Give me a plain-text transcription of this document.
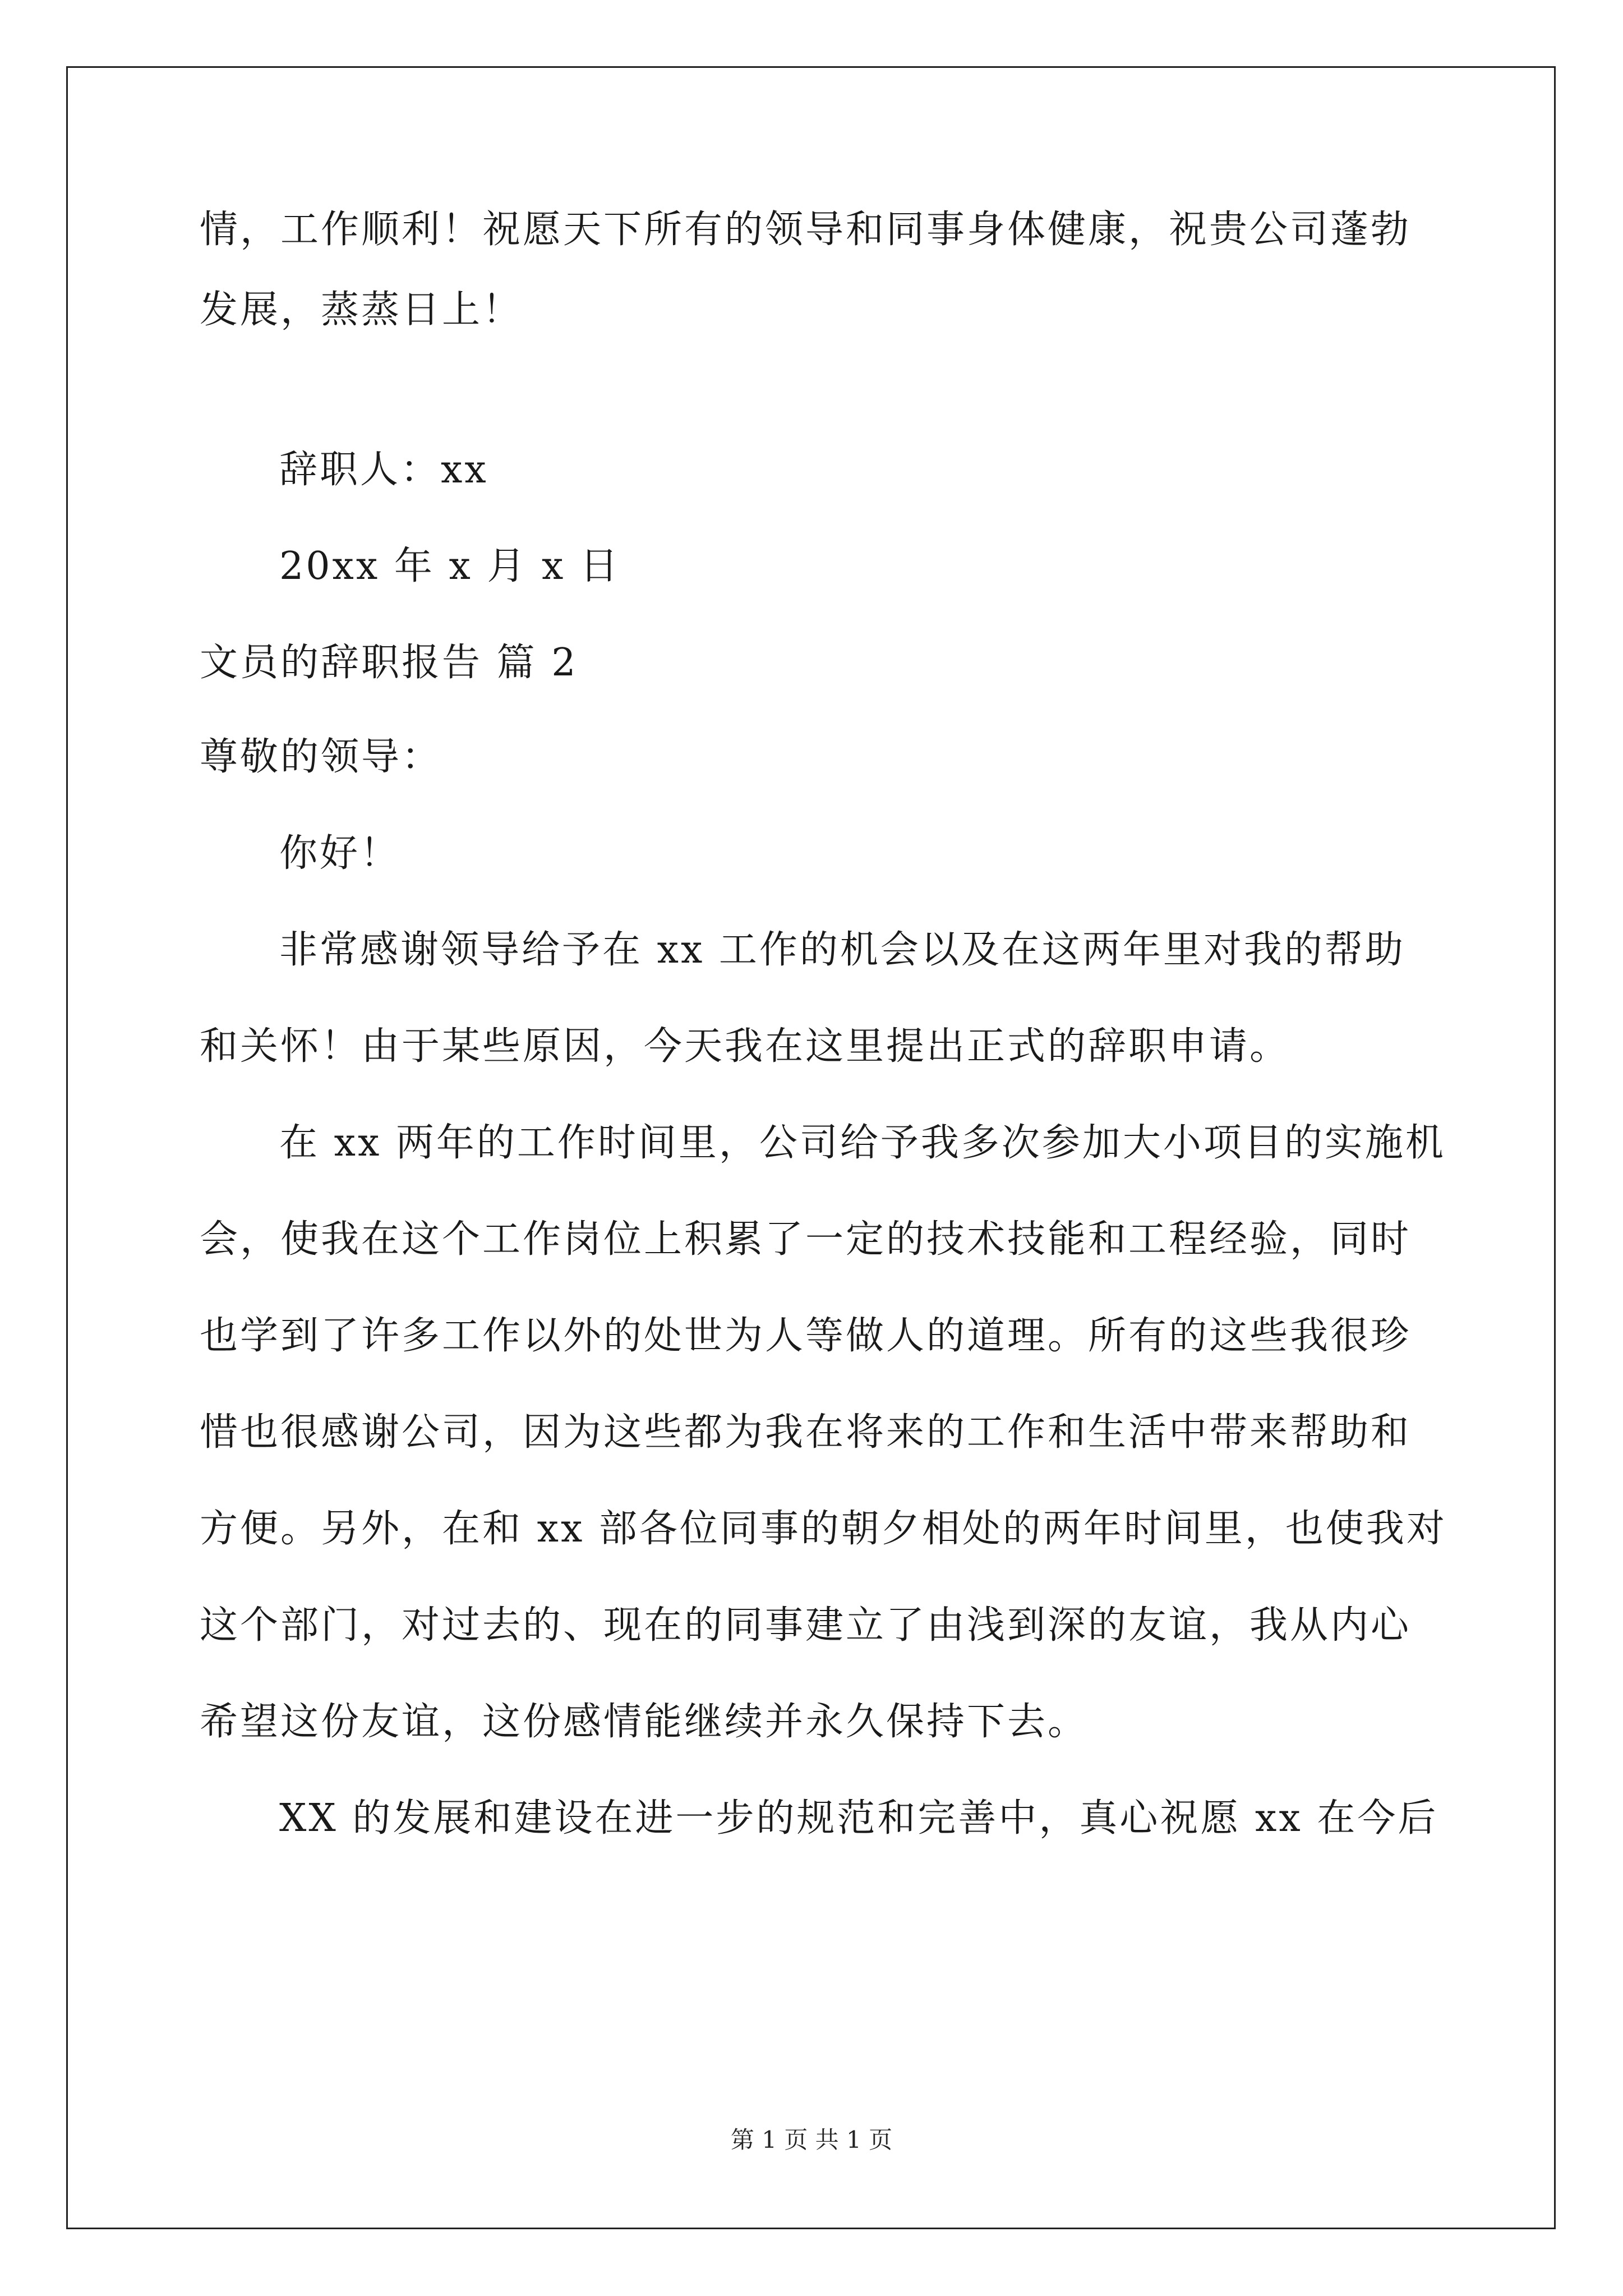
情，工作顺利！祝愿天下所有的领导和同事身体健康，祝贵公司蓬勃
发展，蒸蒸日上！
辞职人：xx
20xx 年 x 月 x 日
文员的辞职报告 篇 2
尊敬的领导：
你好！
非常感谢领导给予在 xx 工作的机会以及在这两年里对我的帮助
和关怀！由于某些原因，今天我在这里提出正式的辞职申请。
在 xx 两年的工作时间里，公司给予我多次参加大小项目的实施机
会，使我在这个工作岗位上积累了一定的技术技能和工程经验，同时
也学到了许多工作以外的处世为人等做人的道理。所有的这些我很珍
惜也很感谢公司，因为这些都为我在将来的工作和生活中带来帮助和
方便。另外，在和 xx 部各位同事的朝夕相处的两年时间里，也使我对
这个部门，对过去的、现在的同事建立了由浅到深的友谊，我从内心
希望这份友谊，这份感情能继续并永久保持下去。
XX 的发展和建设在进一步的规范和完善中，真心祝愿 xx 在今后
第 1 页 共 1 页
